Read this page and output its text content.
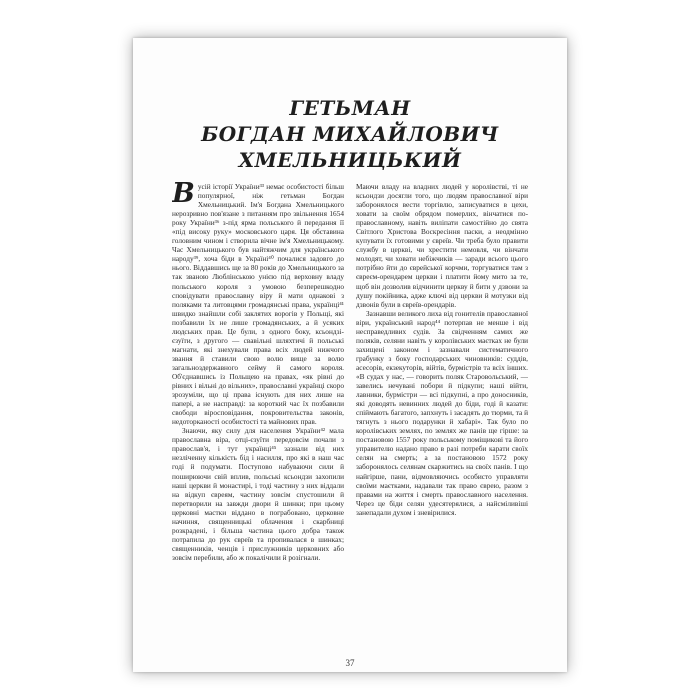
ГЕТЬМАН
БОГДАН МИХАЙЛОВИЧ
ХМЕЛЬНИЦЬКИЙ

Вусій історії України³³ немає особистості більш популярної, ніж гетьман Богдан Хмельницький. Ім'я Богдана Хмельницького нерозривно пов'язане з питанням про звільнення 1654 року України³⁶ з-під ярма польського й передання її «під високу руку» московського царя. Ця обставина головним чином і створила вічне ім'я Хмельницькому. Час Хмельницького був найтяжчим для українського народу³⁹, хоча біди в Україні⁴⁰ почалися задовго до нього. Віддавшись ще за 80 років до Хмельницького за так званою Люблінською унією під верховну владу польського короля з умовою безперешкодно сповідувати православну віру й мати однакові з поляками та литовцями громадянські права, українці⁴¹ швидко знайшли собі заклятих ворогів у Польщі, які позбавили їх не лише громадянських, а й усяких людських прав. Це були, з одного боку, ксьондзі-єзуїти, з другого — свавільні шляхтичі й польські магнати, які знехували права всіх людей нижчого звання й ставили свою волю вище за волю загальноздержавного сейму й самого короля. Об'єднавшись із Польщею на правах, «як рівні до рівних і вільні до вільних», православні українці скоро зрозуміли, що ці права існують для них лише на папері, а не насправді: за короткий час їх позбавили свободи віросповідання, покровительства законів, недоторканості особистості та майнових прав.

Знаючи, яку силу для населення України⁴² мала православна віра, отці-єзуїти передовсім почали з православ'я, і тут українці⁴⁵ зазнали від них незліченну кількість бід і насилля, про які в наш час годі й подумати. Поступово набуваючи сили й поширюючи свій вплив, польські ксьондзи захопили наші церкви й монастирі, і тоді частину з них віддали на відкуп євреям, частину зовсім спустошили й перетворили на завжди двори й шинки; при цьому церковні мастки віддано в пограбовано, церковне начиння, священницькі облачення і скарбниці розкрадені, і більша частина цього добра також потрапила до рук євреїв та пропивалася в шинках; священників, ченців і прислужників церковних або зовсім перебили, або ж покалічили й розігнали.

Маючи владу на владних людей у королівстві, ті не ксьондзи досягли того, що людям православної віри заборонялося вести торгівлю, записуватися в цехи, ховати за своїм обрядом померлих, вінчатися по-православному, навіть виліпати самостійно до свята Світлого Христова Воскресіння паски, а неодмінно купувати їх готовими у євреїв. Чи треба було правити службу в церкві, чи хрестити немовля, чи вінчати молодят, чи ховати небіжчиків — заради всього цього потрібно йти до єврейської корчми, торгуватися там з євреєм-орендарем церкви і платити йому мито за те, щоб він дозволив відчинити церкву й бити у дзвони за душу покійника, адже ключі від церкви й мотузки від дзвонів були в євреїв-орендарів.

Зазнавши великого лиха від гонителів православної віри, український народ⁴⁴ потерпав не менше і від несправедливих судів. За свідченням самих же поляків, селяни навіть у королівських маєтках не були захищені законом і зазнавали систематичного грабунку з боку господарських чиновників: суддів, асесорів, екзекуторів, війтів, бурмістрів та всіх інших. «В судах у нас, — говорить поляк Старовольський, — завелись нечувані побори й підкупи; наші війти, лавники, бурмістри — всі підкупні, а про доносників, які доводять невинних людей до біди, годі й казати: спіймають багатого, запхнуть і засадять до тюрми, та й тягнуть з нього подарунки й хабарі». Так було по королівських землях, по землях же панів ще гірше: за постановою 1557 року польському поміщикові та його управителю надано право в разі потреби карати своїх селян на смерть; а за постановою 1572 року заборонялось селянам скаржитись на своїх панів. І що найгірше, пани, відмовляючись особисто управляти своїми маєтками, надавали так право єврею, разом з правами на життя і смерть православного населення. Через це біди селян удесятерялися, а найсміливіші занепадали духом і зневірилися.

37
